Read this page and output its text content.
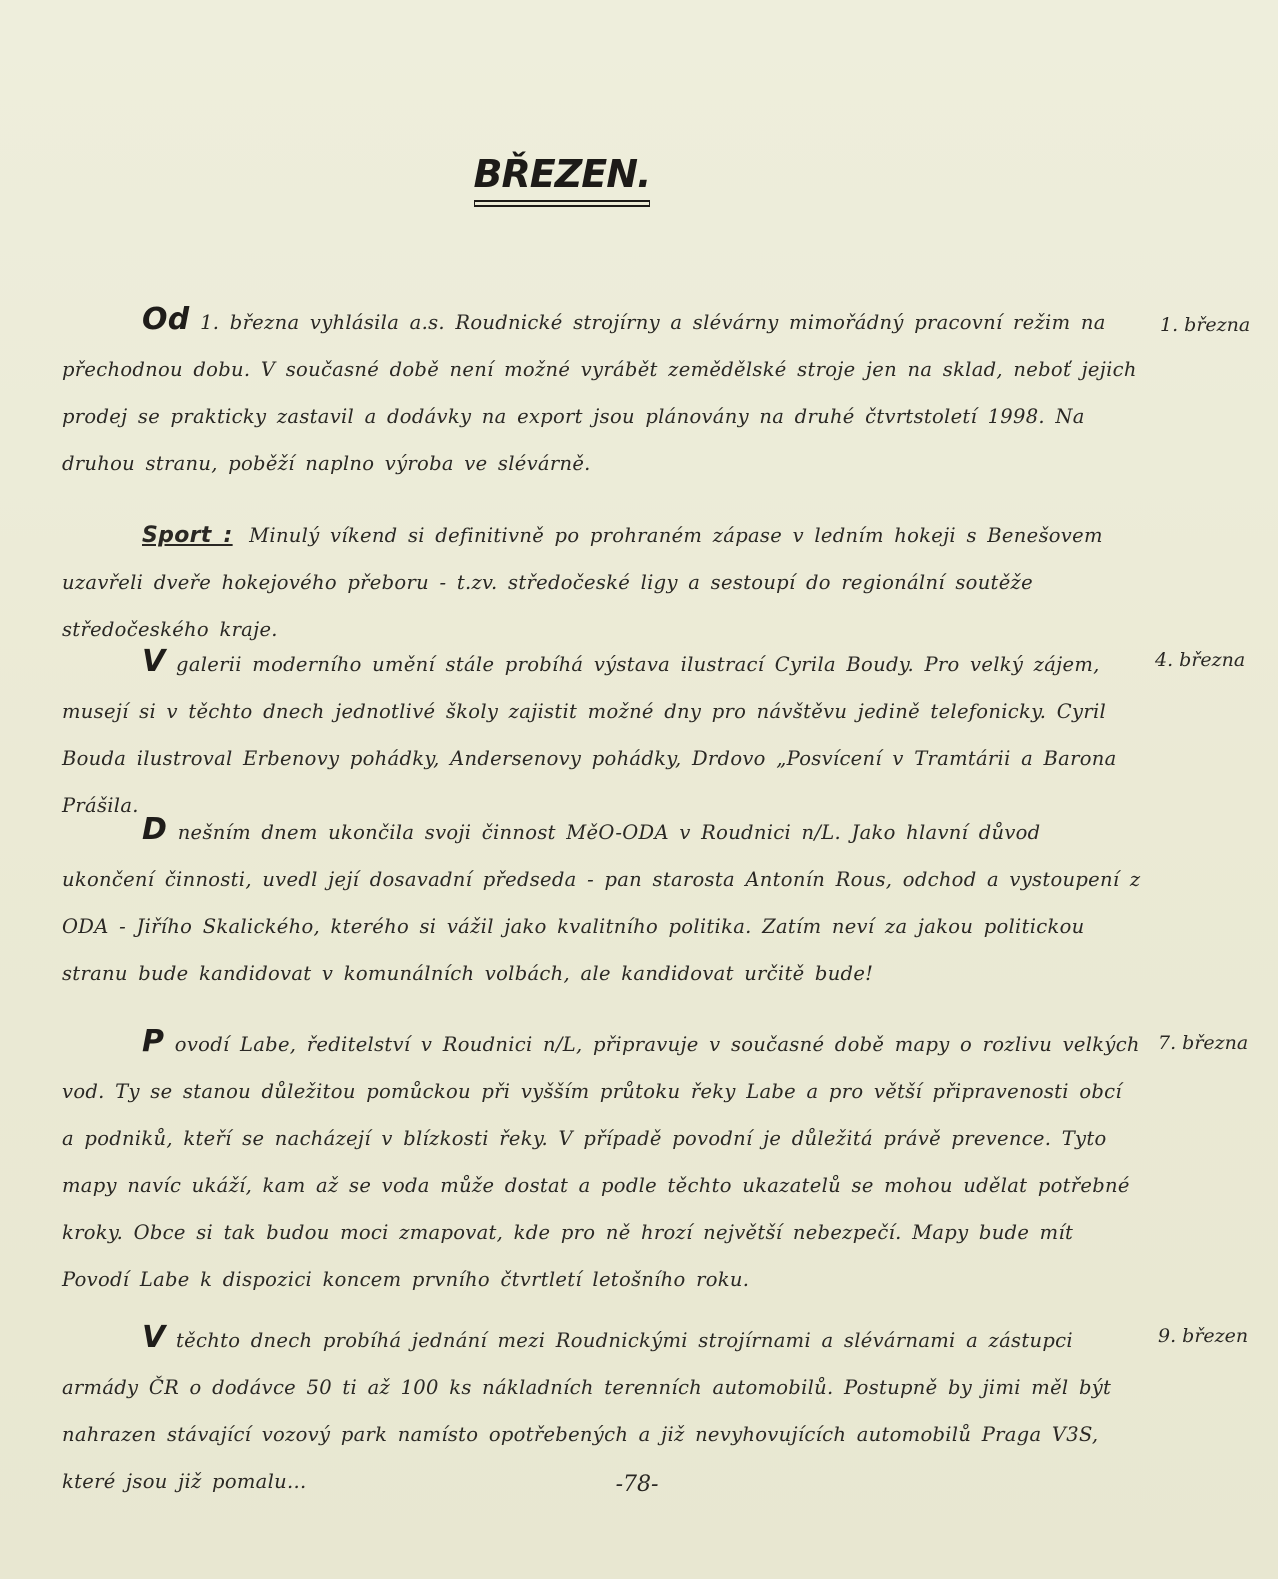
BŘEZEN.

Od 1. března vyhlásila a.s. Roudnické strojírny a slévárny mimořádný pracovní režim na přechodnou dobu. V současné době není možné vyrábět zemědělské stroje jen na sklad, neboť jejich prodej se prakticky zastavil a dodávky na export jsou plánovány na druhé čtvrtstoletí 1998. Na druhou stranu, poběží naplno výroba ve slévárně.

1. března

Sport : Minulý víkend si definitivně po prohraném zápase v ledním hokeji s Benešovem uzavřeli dveře hokejového přeboru - t.zv. středočeské ligy a sestoupí do regionální soutěže středočeského kraje.

V galerii moderního umění stále probíhá výstava ilustrací Cyrila Boudy. Pro velký zájem, musejí si v těchto dnech jednotlivé školy zajistit možné dny pro návštěvu jedině telefonicky. Cyril Bouda ilustroval Erbenovy pohádky, Andersenovy pohádky, Drdovo „Posvícení v Tramtárii a Barona Prášila.

4. března

D nešním dnem ukončila svoji činnost MěO-ODA v Roudnici n/L. Jako hlavní důvod ukončení činnosti, uvedl její dosavadní předseda - pan starosta Antonín Rous, odchod a vystoupení z ODA - Jiřího Skalického, kterého si vážil jako kvalitního politika. Zatím neví za jakou politickou stranu bude kandidovat v komunálních volbách, ale kandidovat určitě bude!

P ovodí Labe, ředitelství v Roudnici n/L, připravuje v současné době mapy o rozlivu velkých vod. Ty se stanou důležitou pomůckou při vyšším průtoku řeky Labe a pro větší připravenosti obcí a podniků, kteří se nacházejí v blízkosti řeky. V případě povodní je důležitá právě prevence. Tyto mapy navíc ukáží, kam až se voda může dostat a podle těchto ukazatelů se mohou udělat potřebné kroky. Obce si tak budou moci zmapovat, kde pro ně hrozí největší nebezpečí. Mapy bude mít Povodí Labe k dispozici koncem prvního čtvrtletí letošního roku.

7. března

V těchto dnech probíhá jednání mezi Roudnickými strojírnami a slévárnami a zástupci armády ČR o dodávce 50 ti až 100 ks nákladních terenních automobilů. Postupně by jimi měl být nahrazen stávající vozový park namísto opotřebených a již nevyhovujících automobilů Praga V3S, které jsou již pomalu...

9. březen
-78-
